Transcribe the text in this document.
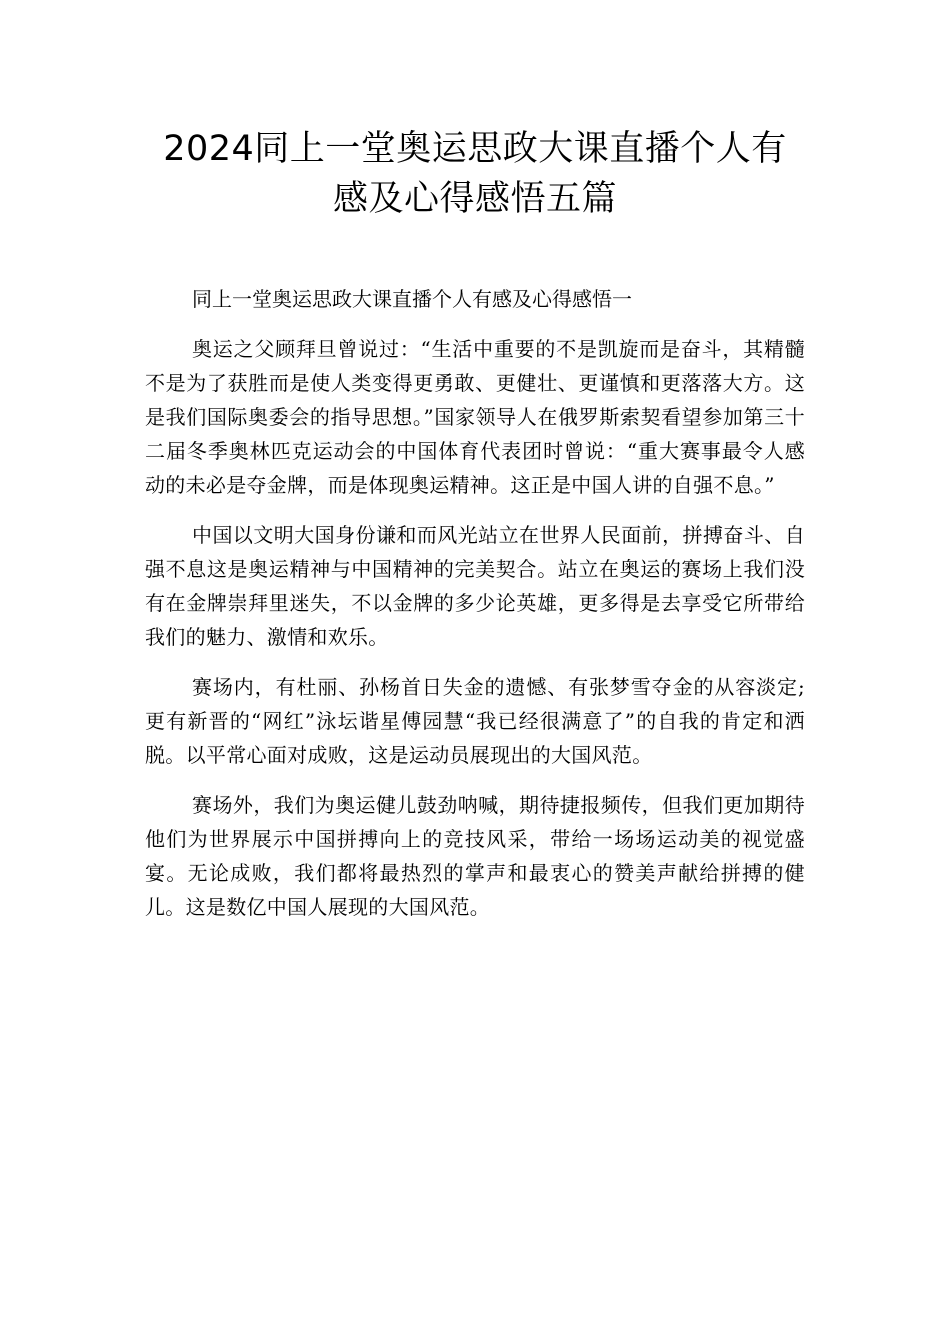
2024同上一堂奥运思政大课直播个人有
感及心得感悟五篇

同上一堂奥运思政大课直播个人有感及心得感悟一

奥运之父顾拜旦曾说过：“生活中重要的不是凯旋而是奋斗，其精髓不是为了获胜而是使人类变得更勇敢、更健壮、更谨慎和更落落大方。这是我们国际奥委会的指导思想。”国家领导人在俄罗斯索契看望参加第三十二届冬季奥林匹克运动会的中国体育代表团时曾说：“重大赛事最令人感动的未必是夺金牌，而是体现奥运精神。这正是中国人讲的自强不息。”

中国以文明大国身份谦和而风光站立在世界人民面前，拼搏奋斗、自强不息这是奥运精神与中国精神的完美契合。站立在奥运的赛场上我们没有在金牌崇拜里迷失，不以金牌的多少论英雄，更多得是去享受它所带给我们的魅力、激情和欢乐。

赛场内，有杜丽、孙杨首日失金的遗憾、有张梦雪夺金的从容淡定;更有新晋的“网红”泳坛谐星傅园慧“我已经很满意了”的自我的肯定和洒脱。以平常心面对成败，这是运动员展现出的大国风范。

赛场外，我们为奥运健儿鼓劲呐喊，期待捷报频传，但我们更加期待他们为世界展示中国拼搏向上的竞技风采，带给一场场运动美的视觉盛宴。无论成败，我们都将最热烈的掌声和最衷心的赞美声献给拼搏的健儿。这是数亿中国人展现的大国风范。
